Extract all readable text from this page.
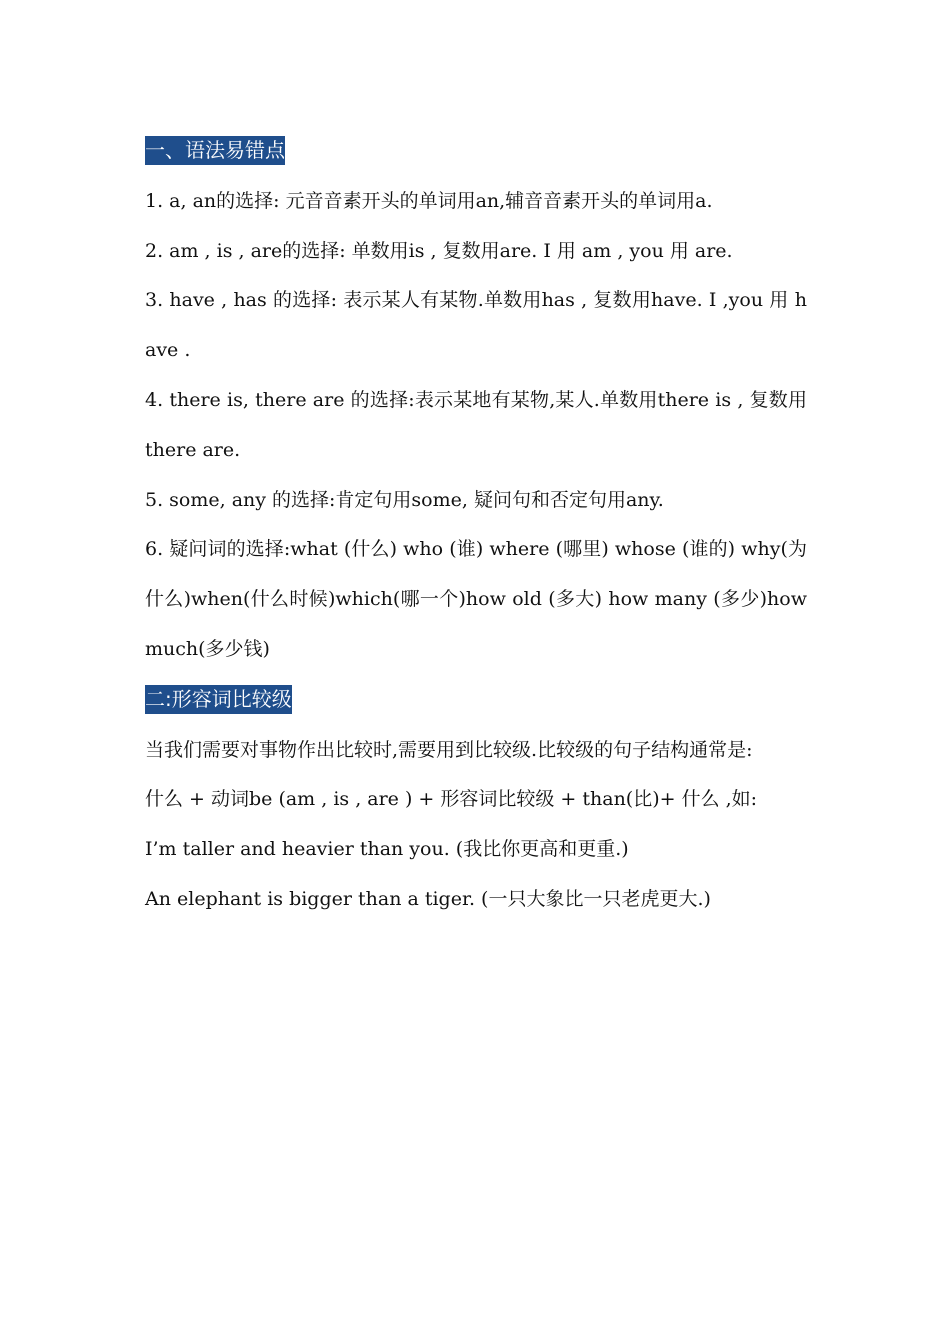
一、语法易错点

1. a, an的选择: 元音音素开头的单词用an,辅音音素开头的单词用a.

2. am , is , are的选择: 单数用is , 复数用are. I 用 am , you 用 are.

3. have , has 的选择: 表示某人有某物.单数用has , 复数用have. I ,you 用 have .

4. there is, there are 的选择:表示某地有某物,某人.单数用there is , 复数用there are.

5. some, any 的选择:肯定句用some, 疑问句和否定句用any.

6. 疑问词的选择:what (什么) who (谁) where (哪里) whose (谁的) why(为什么)when(什么时候)which(哪一个)how old (多大) how many (多少)how much(多少钱)

二:形容词比较级

当我们需要对事物作出比较时,需要用到比较级.比较级的句子结构通常是:

什么 + 动词be (am , is , are ) + 形容词比较级 + than(比)+ 什么 ,如:

I’m taller and heavier than you. (我比你更高和更重.)

An elephant is bigger than a tiger. (一只大象比一只老虎更大.)
